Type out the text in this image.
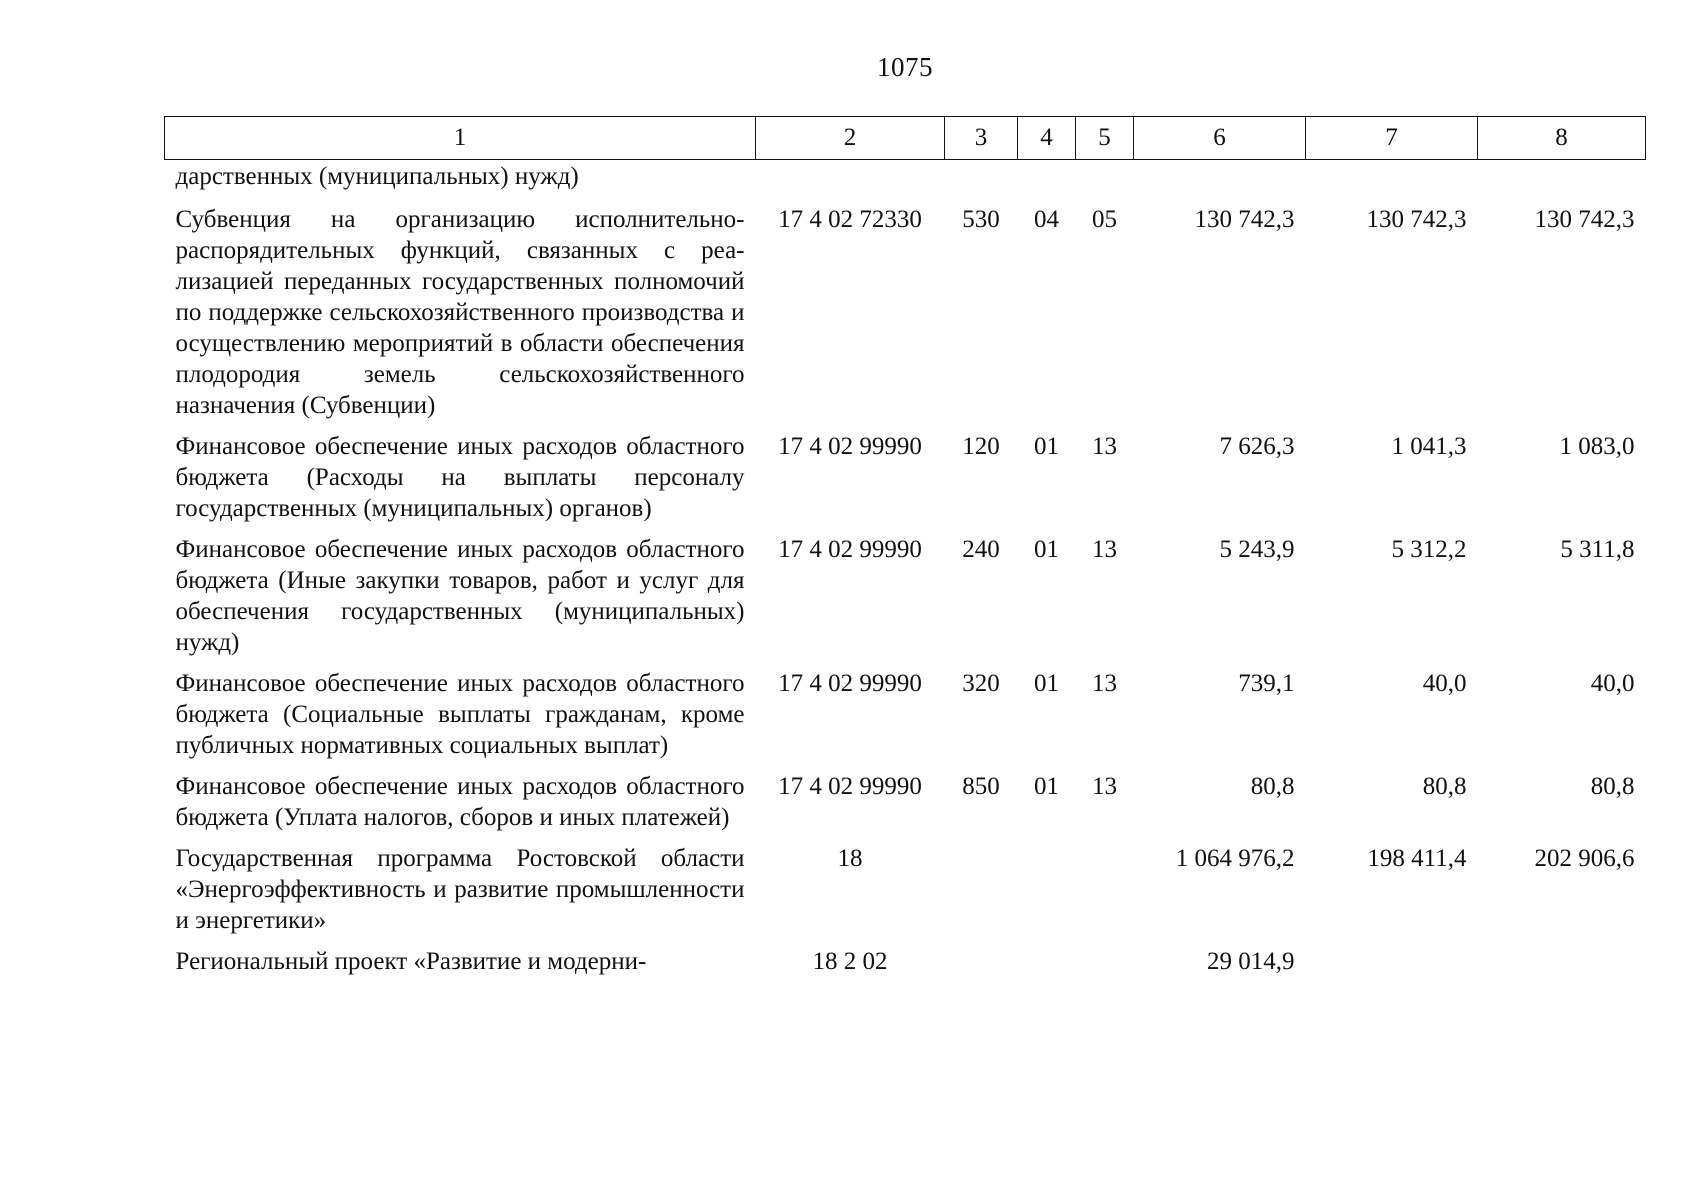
1075
1	2	3	4	5	6	7	8
дарственных (муниципальных) нужд)							
Субвенция на организацию исполнительно-распорядительных функций, связанных с реализацией переданных государственных полномочий по поддержке сельскохозяйственного производства и осуществлению мероприятий в области обеспечения плодородия земель сельскохозяйственного назначения (Субвенции)	17 4 02 72330	530	04	05	130 742,3	130 742,3	130 742,3
Финансовое обеспечение иных расходов областного бюджета (Расходы на выплаты персоналу государственных (муниципальных) органов)	17 4 02 99990	120	01	13	7 626,3	1 041,3	1 083,0
Финансовое обеспечение иных расходов областного бюджета (Иные закупки товаров, работ и услуг для обеспечения государственных (муниципальных) нужд)	17 4 02 99990	240	01	13	5 243,9	5 312,2	5 311,8
Финансовое обеспечение иных расходов областного бюджета (Социальные выплаты гражданам, кроме публичных нормативных социальных выплат)	17 4 02 99990	320	01	13	739,1	40,0	40,0
Финансовое обеспечение иных расходов областного бюджета (Уплата налогов, сборов и иных платежей)	17 4 02 99990	850	01	13	80,8	80,8	80,8
Государственная программа Ростовской области «Энергоэффективность и развитие промышленности и энергетики»	18				1 064 976,2	198 411,4	202 906,6
Региональный проект «Развитие и модерни-	18 2 02				29 014,9		
